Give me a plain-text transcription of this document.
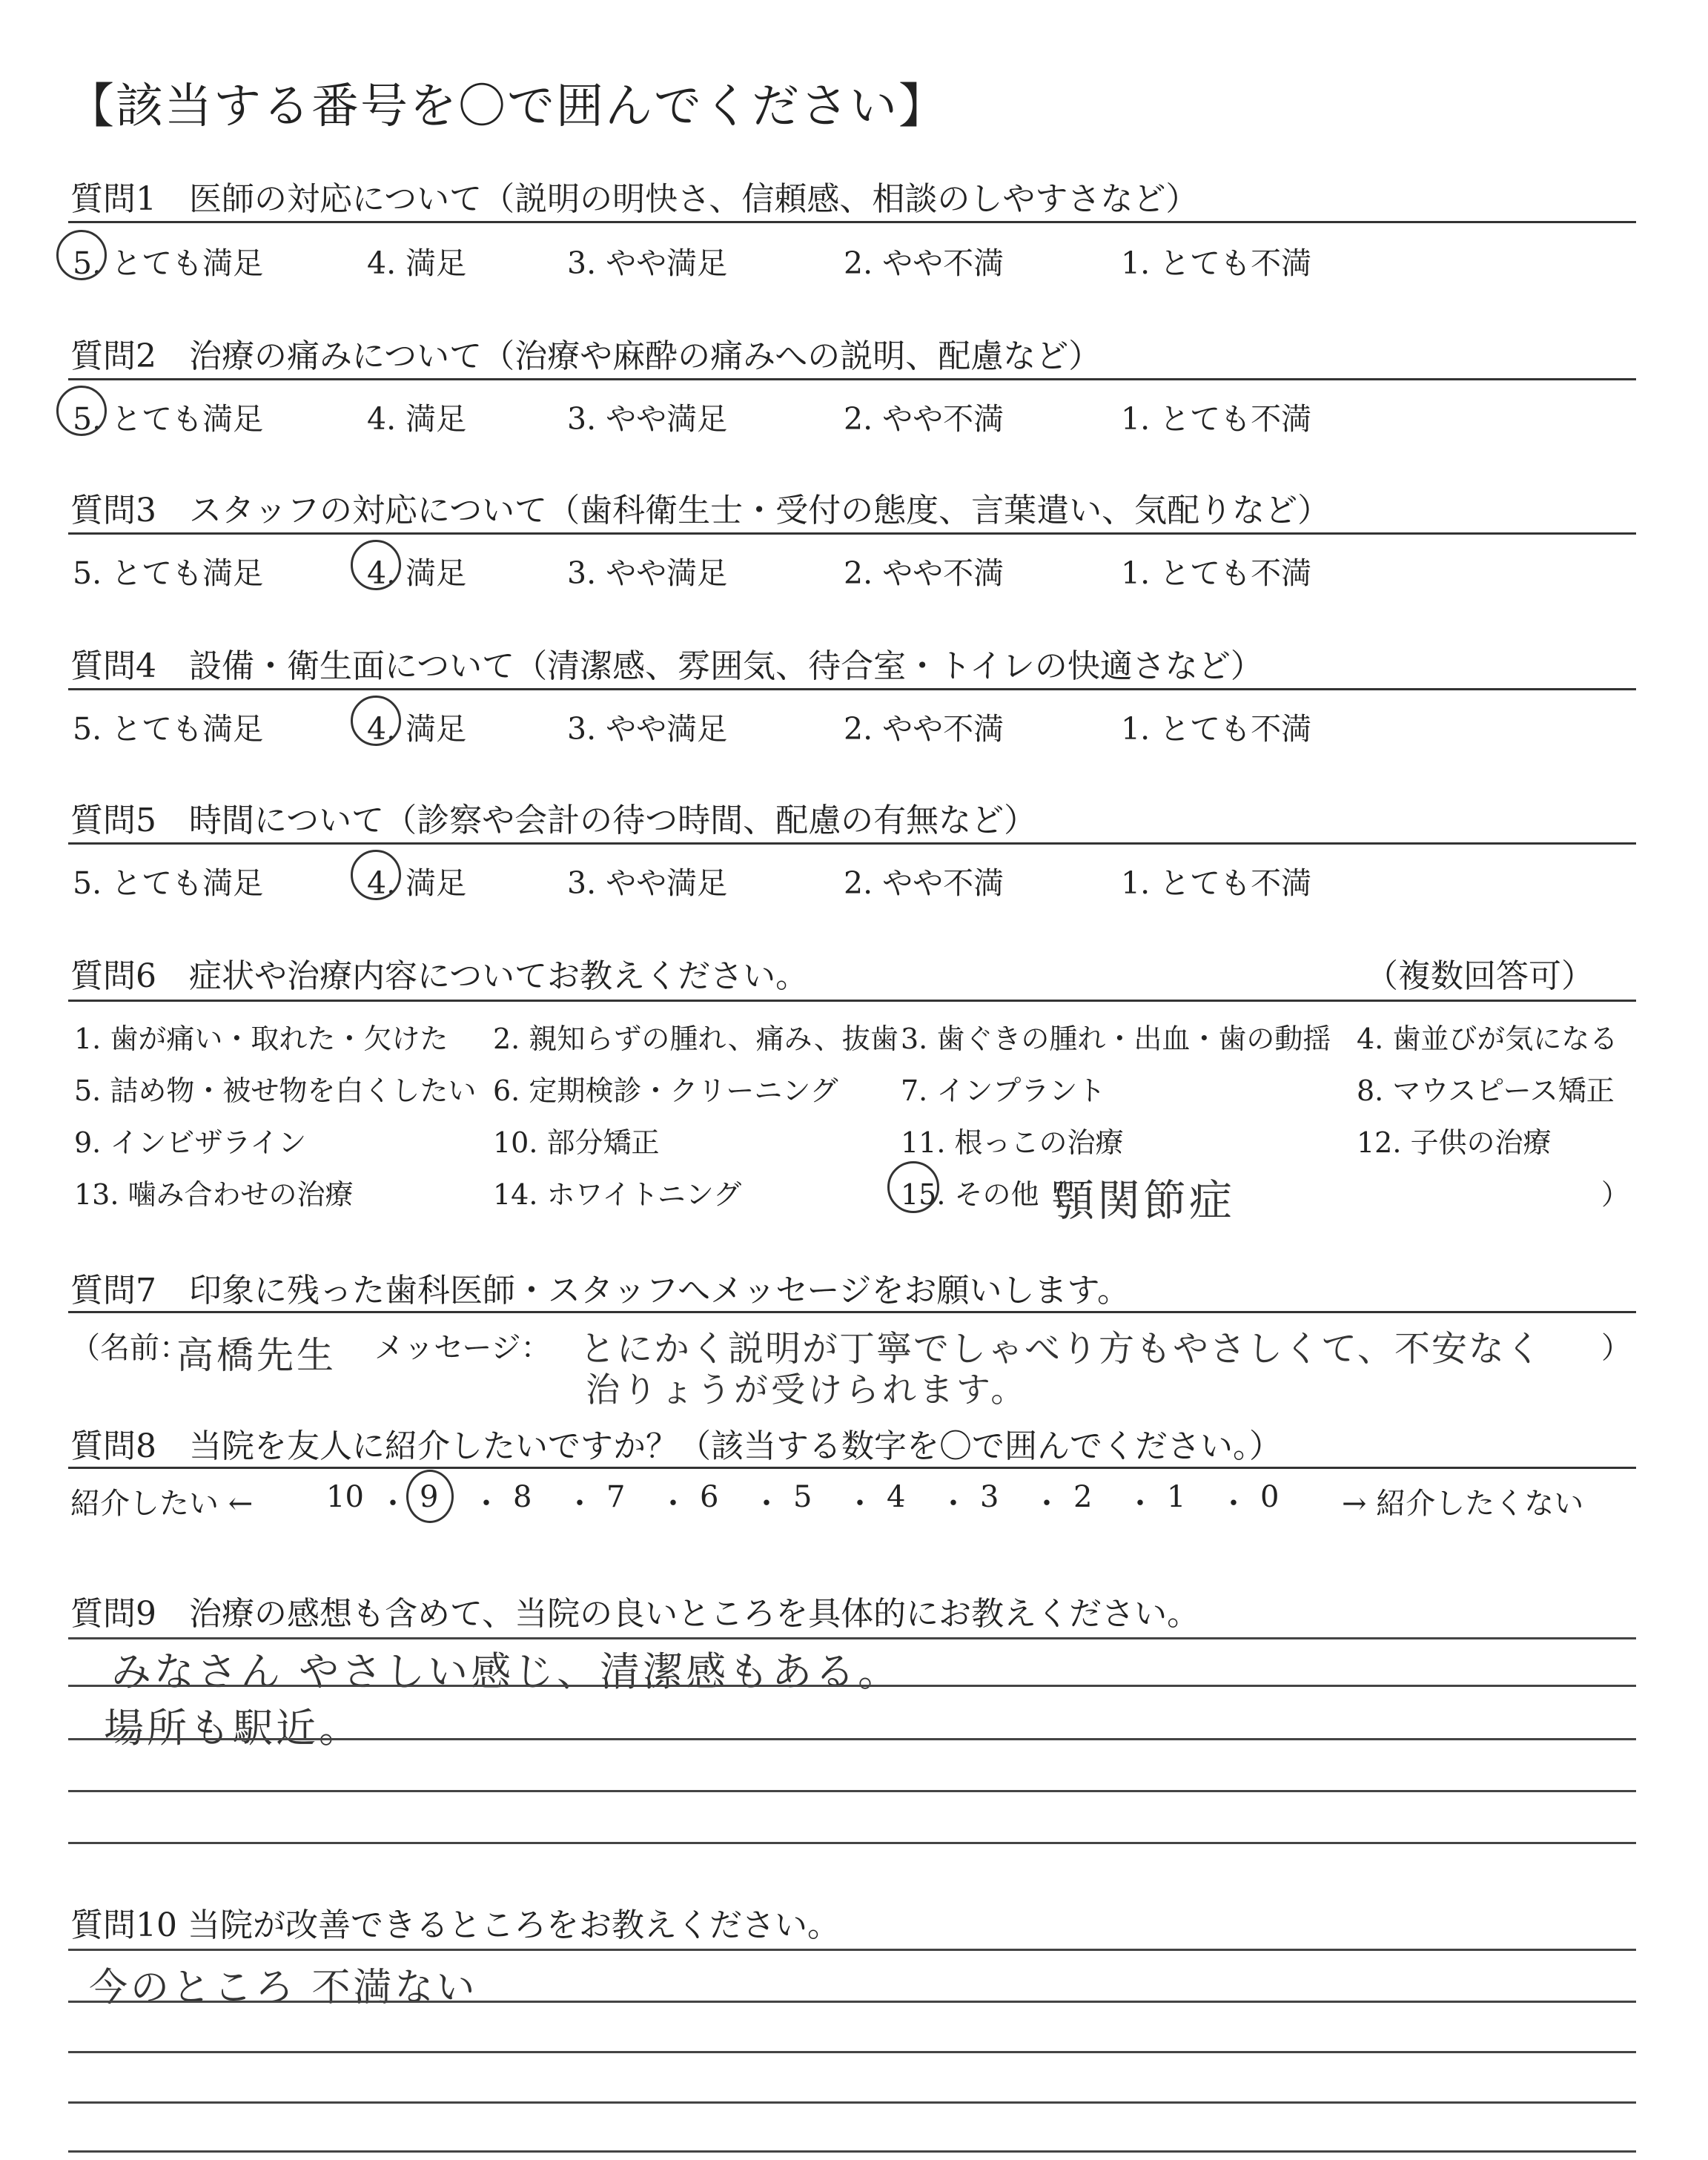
【該当する番号を〇で囲んでください】
質問1　医師の対応について（説明の明快さ、信頼感、相談のしやすさなど）
質問2　治療の痛みについて（治療や麻酔の痛みへの説明、配慮など）
質問3　スタッフの対応について（歯科衛生士・受付の態度、言葉遣い、気配りなど）
質問4　設備・衛生面について（清潔感、雰囲気、待合室・トイレの快適さなど）
質問5　時間について（診察や会計の待つ時間、配慮の有無など）
質問6　症状や治療内容についてお教えください。	（複数回答可）
顎関節症
質問7　印象に残った歯科医師・スタッフへメッセージをお願いします。
（名前：
高橋先生 メッセージ： とにかく説明が丁寧でしゃべり方もやさしくて、不安なく ）
治りょうが受けられます。
質問8　当院を友人に紹介したいですか？（該当する数字を〇で囲んでください。）
紹介したい ←	→ 紹介したくない
質問9　治療の感想も含めて、当院の良いところを具体的にお教えください。
みなさん やさしい感じ、清潔感もある。
場所も駅近。
質問10 当院が改善できるところをお教えください。
今のところ 不満ない
5. とても満足	4. 満足	3. やや満足	2. やや不満	1. とても不満
5. とても満足	4. 満足	3. やや満足	2. やや不満	1. とても不満
5. とても満足	4. 満足	3. やや満足	2. やや不満	1. とても不満
5. とても満足	4. 満足	3. やや満足	2. やや不満	1. とても不満
5. とても満足	4. 満足	3. やや満足	2. やや不満	1. とても不満
1. 歯が痛い・取れた・欠けた 2. 親知らずの腫れ、痛み、抜歯 3. 歯ぐきの腫れ・出血・歯の動揺 4. 歯並びが気になる
5. 詰め物・被せ物を白くしたい 6. 定期検診・クリーニング 7. インプラント	8. マウスピース矯正
9. インビザライン	10. 部分矯正	11. 根っこの治療	12. 子供の治療
13. 噛み合わせの治療	14. ホワイトニング	15. その他（	）
10 ・ 9 ・ 8 ・ 7 ・ 6 ・ 5 ・ 4 ・ 3 ・ 2 ・ 1 ・ 0
